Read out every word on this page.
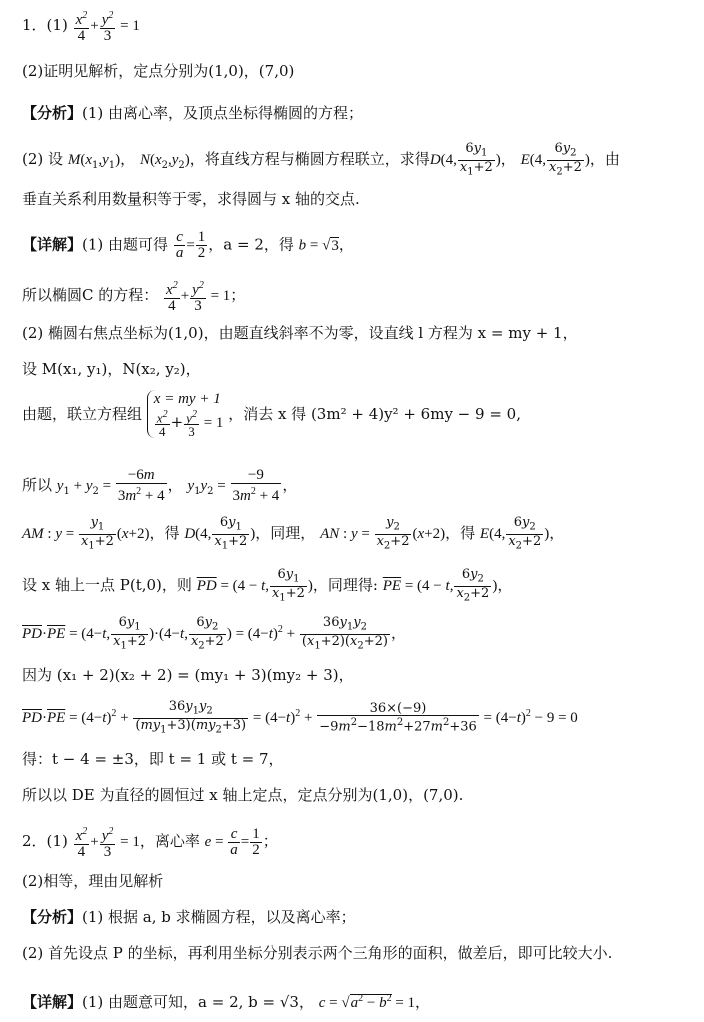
1．$(1) \frac{x^2}{4} + \frac{y^2}{3} = 1$
(2)证明见解析，定点分别为(1,0)，(7,0)
【分析】(1) 由离心率，及顶点坐标得椭圆的方程；
(2) 设 $M(x_1,y_1)$， $N(x_2,y_2)$，将直线方程与椭圆方程联立，求得D(4, $\frac{6y_1}{x_1+2}$ )， E(4, $\frac{6y_2}{x_2+2}$ )，由
垂直关系利用数量积等于零，求得圆与 x 轴的交点.
【详解】(1) 由题可得 $\frac{c}{a} = \frac{1}{2}$ ，a = 2，得 b = √3，
所以椭圆C 的方程： $\frac{x^2}{4} + \frac{y^2}{3} = 1$；
(2) 椭圆右焦点坐标为(1,0)，由题直线斜率不为零，设直线 l 方程为 x = my + 1，
设 M(x₁, y₁)，N(x₂, y₂)，
由题，联立方程组
x = my + 1
$\frac{x^2}{4} + \frac{y^2}{3} = 1$ ，消去 x 得 (3m² + 4)y² + 6my − 9 = 0,
所以 $y_1 + y_2 = \frac{-6m}{3m^2 + 4}$ ， $y_1y_2 = \frac{-9}{3m^2 + 4}$ ，
AM : $y = \frac{y_1}{x_1+2} (x+2)$，得 D(4, $\frac{6y_1}{x_1+2}$ )，同理， AN : $y = \frac{y_2}{x_2+2} (x+2)$，得 E(4, $\frac{6y_2}{x_2+2}$ )，
设 x 轴上一点 P(t,0)，则 $\overline{PD} = (4 - t$, $\frac{6y_1}{x_1+2}$ )，同理得: $\overline{PE} = (4 - t$, $\frac{6y_2}{x_2+2}$ )，
$\overline{PD}\cdot\overline{PE} = (4-t$, $\frac{6y_1}{x_1+2} )\cdot(4-t$, $\frac{6y_2}{x_2+2}$ ) = $(4-t)^2 + \frac{36y_1y_2}{(x_1+2)(x_2+2)}$ ，
因为 (x₁ + 2)(x₂ + 2) = (my₁ + 3)(my₂ + 3)，
$\overline{PD}\cdot\overline{PE} = (4-t)^2 + \frac{36y_1y_2}{(my_1+3)(my_2+3)} = (4-t)^2 + \frac{36\times(-9)}{-9m^2-18m^2+27m^2+36} = (4-t)^2 - 9 = 0$
得：t − 4 = ±3，即 t = 1 或 t = 7，
所以以 DE 为直径的圆恒过 x 轴上定点，定点分别为(1,0)，(7,0).
2．$(1) \frac{x^2}{4} + \frac{y^2}{3} = 1$，离心率 $e = \frac{c}{a} = \frac{1}{2}$ ；
(2)相等，理由见解析
【分析】(1) 根据 a, b 求椭圆方程，以及离心率；
(2) 首先设点 P 的坐标，再利用坐标分别表示两个三角形的面积，做差后，即可比较大小.
【详解】(1) 由题意可知，a = 2, b = √3， $c = √a^2 - b^2 = 1$，
